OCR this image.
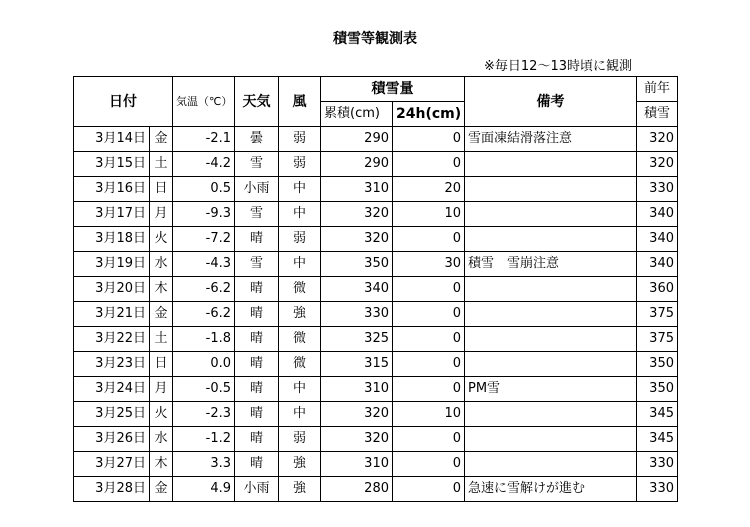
積雪等観測表
※毎日12～13時頃に観測
日付		気温（℃）	天気	風	積雪量		備考	前年
					累積(cm)	24h(cm)		積雪
3月14日	金	-2.1	曇	弱	290	0	雪面凍結滑落注意	320
3月15日	土	-4.2	雪	弱	290	0		320
3月16日	日	0.5	小雨	中	310	20		330
3月17日	月	-9.3	雪	中	320	10		340
3月18日	火	-7.2	晴	弱	320	0		340
3月19日	水	-4.3	雪	中	350	30	積雪　雪崩注意	340
3月20日	木	-6.2	晴	微	340	0		360
3月21日	金	-6.2	晴	強	330	0		375
3月22日	土	-1.8	晴	微	325	0		375
3月23日	日	0.0	晴	微	315	0		350
3月24日	月	-0.5	晴	中	310	0	PM雪	350
3月25日	火	-2.3	晴	中	320	10		345
3月26日	水	-1.2	晴	弱	320	0		345
3月27日	木	3.3	晴	強	310	0		330
3月28日	金	4.9	小雨	強	280	0	急速に雪解けが進む	330
